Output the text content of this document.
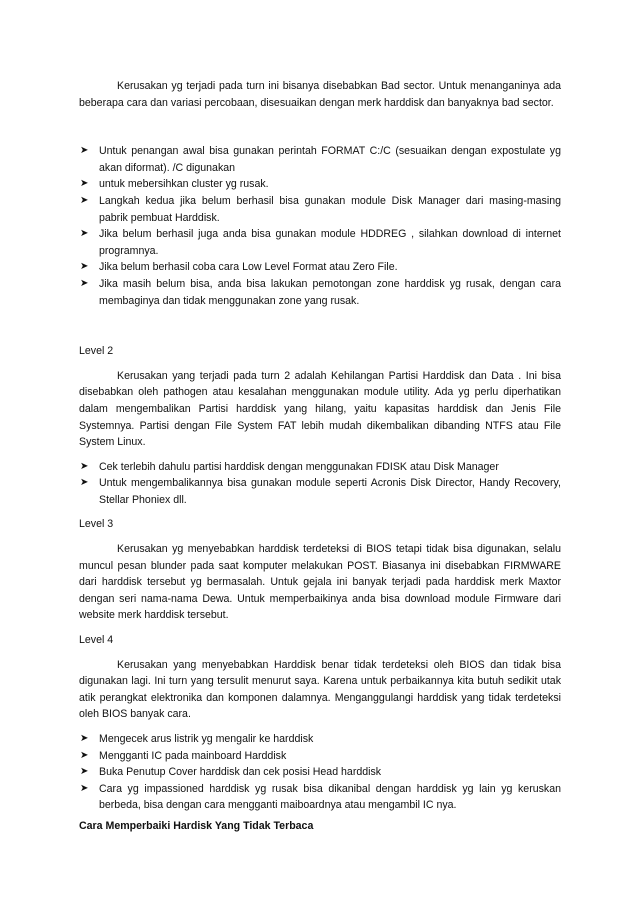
Kerusakan yg terjadi pada turn ini bisanya disebabkan Bad sector. Untuk menanganinya ada beberapa cara dan variasi percobaan, disesuaikan dengan merk harddisk dan banyaknya bad sector.

➤ Untuk penangan awal bisa gunakan perintah FORMAT C:/C (sesuaikan dengan expostulate yg akan diformat). /C digunakan
➤ untuk mebersihkan cluster yg rusak.
➤ Langkah kedua jika belum berhasil bisa gunakan module Disk Manager dari masing-masing pabrik pembuat Harddisk.
➤ Jika belum berhasil juga anda bisa gunakan module HDDREG , silahkan download di internet programnya.
➤ Jika belum berhasil coba cara Low Level Format atau Zero File.
➤ Jika masih belum bisa, anda bisa lakukan pemotongan zone harddisk yg rusak, dengan cara membaginya dan tidak menggunakan zone yang rusak.

Level 2

Kerusakan yang terjadi pada turn 2 adalah Kehilangan Partisi Harddisk dan Data . Ini bisa disebabkan oleh pathogen atau kesalahan menggunakan module utility. Ada yg perlu diperhatikan dalam mengembalikan Partisi harddisk yang hilang, yaitu kapasitas harddisk dan Jenis File Systemnya. Partisi dengan File System FAT lebih mudah dikembalikan dibanding NTFS atau File System Linux.

➤ Cek terlebih dahulu partisi harddisk dengan menggunakan FDISK atau Disk Manager
➤ Untuk mengembalikannya bisa gunakan module seperti Acronis Disk Director, Handy Recovery, Stellar Phoniex dll.

Level 3

Kerusakan yg menyebabkan harddisk terdeteksi di BIOS tetapi tidak bisa digunakan, selalu muncul pesan blunder pada saat komputer melakukan POST. Biasanya ini disebabkan FIRMWARE dari harddisk tersebut yg bermasalah. Untuk gejala ini banyak terjadi pada harddisk merk Maxtor dengan seri nama-nama Dewa. Untuk memperbaikinya anda bisa download module Firmware dari website merk harddisk tersebut.

Level 4

Kerusakan yang menyebabkan Harddisk benar tidak terdeteksi oleh BIOS dan tidak bisa digunakan lagi. Ini turn yang tersulit menurut saya. Karena untuk perbaikannya kita butuh sedikit utak atik perangkat elektronika dan komponen dalamnya. Menganggulangi harddisk yang tidak terdeteksi oleh BIOS banyak cara.

➤ Mengecek arus listrik yg mengalir ke harddisk
➤ Mengganti IC pada mainboard Harddisk
➤ Buka Penutup Cover harddisk dan cek posisi Head harddisk
➤ Cara yg impassioned harddisk yg rusak bisa dikanibal dengan harddisk yg lain yg keruskan berbeda, bisa dengan cara mengganti maiboardnya atau mengambil IC nya.

Cara Memperbaiki Hardisk Yang Tidak Terbaca
